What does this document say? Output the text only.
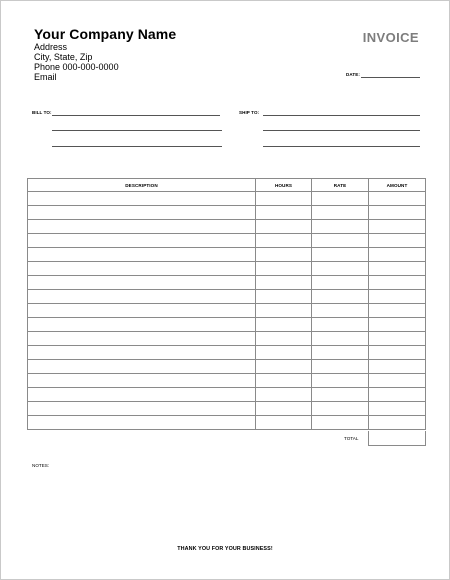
Your Company Name
Address
City, State, Zip
Phone 000-000-0000
Email
INVOICE
DATE:
BILL TO:	SHIP TO:
DESCRIPTION	HOURS	RATE	AMOUNT

TOTAL
NOTES:
THANK YOU FOR YOUR BUSINESS!
